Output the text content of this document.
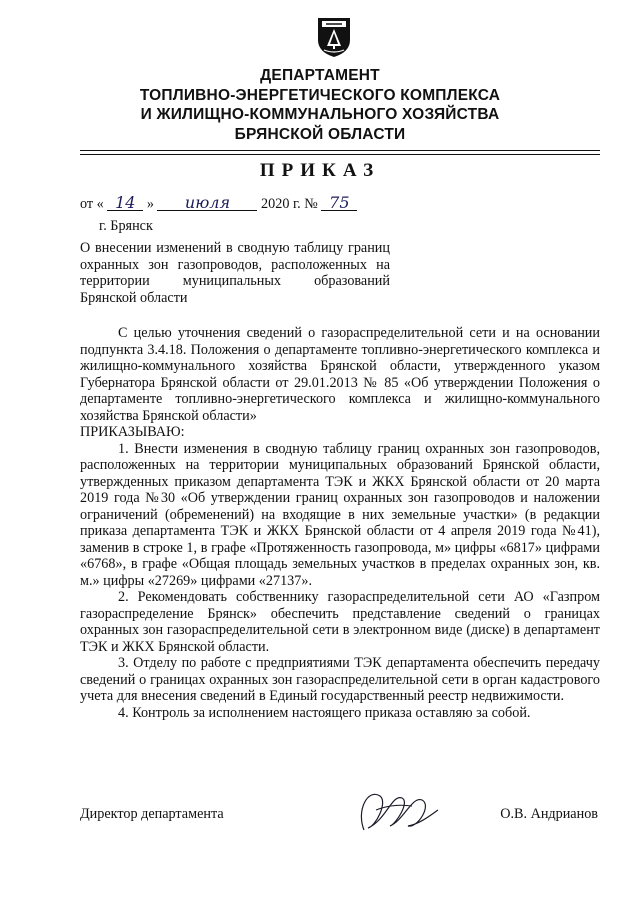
ДЕПАРТАМЕНТ
ТОПЛИВНО-ЭНЕРГЕТИЧЕСКОГО КОМПЛЕКСА
И ЖИЛИЩНО-КОММУНАЛЬНОГО ХОЗЯЙСТВА
БРЯНСКОЙ ОБЛАСТИ
ПРИКАЗ
от « 14 » июля 2020 г. № 75
г. Брянск
О внесении изменений в сводную таблицу границ охранных зон газопроводов, расположенных на территории муниципальных образований Брянской области

С целью уточнения сведений о газораспределительной сети и на основании подпункта 3.4.18. Положения о департаменте топливно-энергетического комплекса и жилищно-коммунального хозяйства Брянской области, утвержденного указом Губернатора Брянской области от 29.01.2013 № 85 «Об утверждении Положения о департаменте топливно-энергетического комплекса и жилищно-коммунального хозяйства Брянской области»

ПРИКАЗЫВАЮ:

1. Внести изменения в сводную таблицу границ охранных зон газопроводов, расположенных на территории муниципальных образований Брянской области, утвержденных приказом департамента ТЭК и ЖКХ Брянской области от 20 марта 2019 года №30 «Об утверждении границ охранных зон газопроводов и наложении ограничений (обременений) на входящие в них земельные участки» (в редакции приказа департамента ТЭК и ЖКХ Брянской области от 4 апреля 2019 года №41), заменив в строке 1, в графе «Протяженность газопровода, м» цифры «6817» цифрами «6768», в графе «Общая площадь земельных участков в пределах охранных зон, кв. м.» цифры «27269» цифрами «27137».

2. Рекомендовать собственнику газораспределительной сети АО «Газпром газораспределение Брянск» обеспечить представление сведений о границах охранных зон газораспределительной сети в электронном виде (диске) в департамент ТЭК и ЖКХ Брянской области.

3. Отделу по работе с предприятиями ТЭК департамента обеспечить передачу сведений о границах охранных зон газораспределительной сети в орган кадастрового учета для внесения сведений в Единый государственный реестр недвижимости.

4. Контроль за исполнением настоящего приказа оставляю за собой.

Директор департамента	О.В. Андрианов
